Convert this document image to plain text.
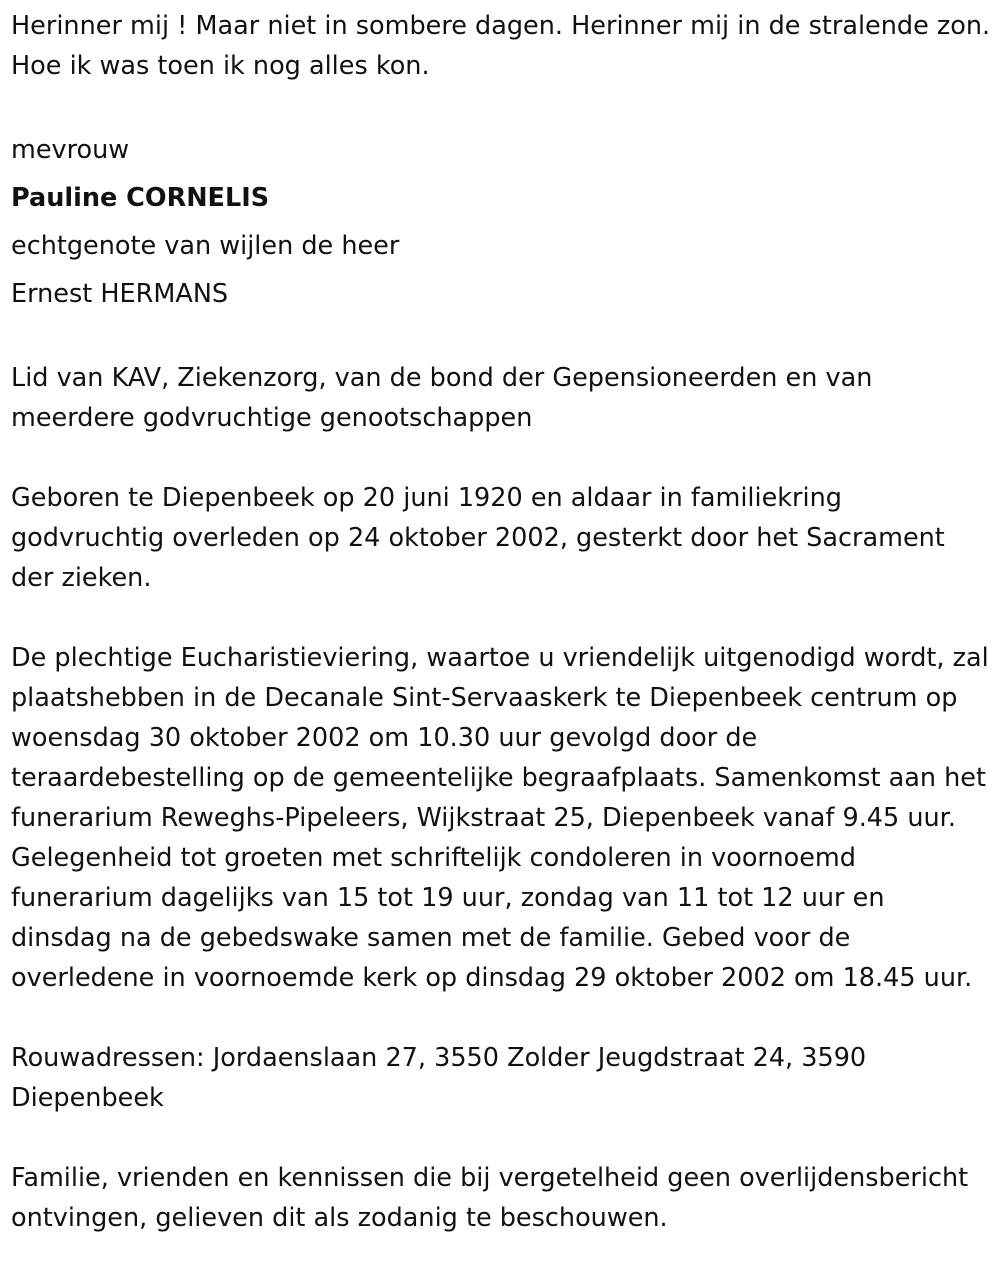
Herinner mij ! Maar niet in sombere dagen. Herinner mij in de stralende zon. Hoe ik was toen ik nog alles kon.

mevrouw

Pauline CORNELIS

echtgenote van wijlen de heer

Ernest HERMANS

Lid van KAV, Ziekenzorg, van de bond der Gepensioneerden en van meerdere godvruchtige genootschappen

Geboren te Diepenbeek op 20 juni 1920 en aldaar in familiekring godvruchtig overleden op 24 oktober 2002, gesterkt door het Sacrament der zieken.

De plechtige Eucharistieviering, waartoe u vriendelijk uitgenodigd wordt, zal plaatshebben in de Decanale Sint-Servaaskerk te Diepenbeek centrum op woensdag 30 oktober 2002 om 10.30 uur gevolgd door de teraardebestelling op de gemeentelijke begraafplaats. Samenkomst aan het funerarium Reweghs-Pipeleers, Wijkstraat 25, Diepenbeek vanaf 9.45 uur. Gelegenheid tot groeten met schriftelijk condoleren in voornoemd funerarium dagelijks van 15 tot 19 uur, zondag van 11 tot 12 uur en dinsdag na de gebedswake samen met de familie. Gebed voor de overledene in voornoemde kerk op dinsdag 29 oktober 2002 om 18.45 uur.

Rouwadressen: Jordaenslaan 27, 3550 Zolder Jeugdstraat 24, 3590 Diepenbeek

Familie, vrienden en kennissen die bij vergetelheid geen overlijdensbericht ontvingen, gelieven dit als zodanig te beschouwen.
